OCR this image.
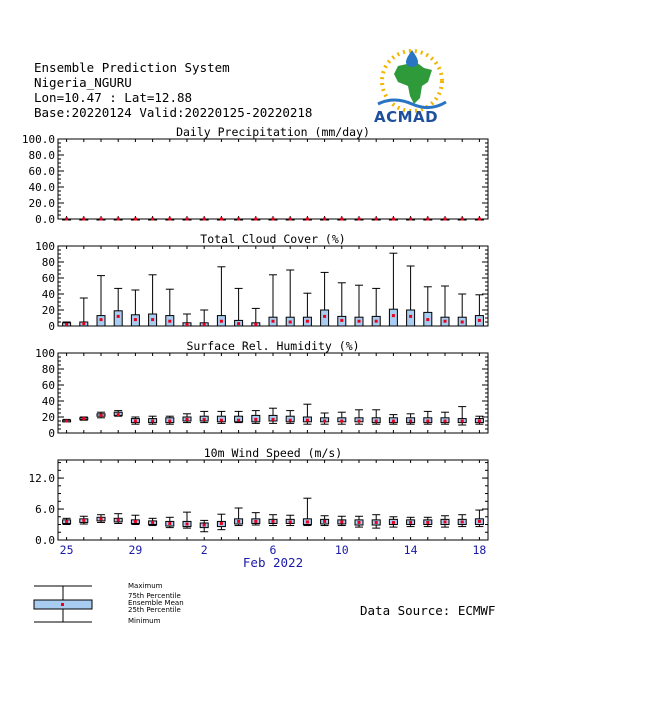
Ensemble Prediction System
Nigeria_NGURU
Lon=10.47 : Lat=12.88
Base:20220124 Valid:20220125-20220218	ACMAD
Daily Precipitation (mm/day)
0.0
20.0
40.0
60.0
80.0
100.0
Total Cloud Cover (%)
0
20
40
60
80
100
Surface Rel. Humidity (%)
0
20
40
60
80
100
10m Wind Speed (m/s)
0.0
6.0
12.0
25	29	2	6	10	14	18
Feb 2022
Maximum
75th Percentile
Ensemble Mean
25th Percentile
Minimum
Data Source: ECMWF
